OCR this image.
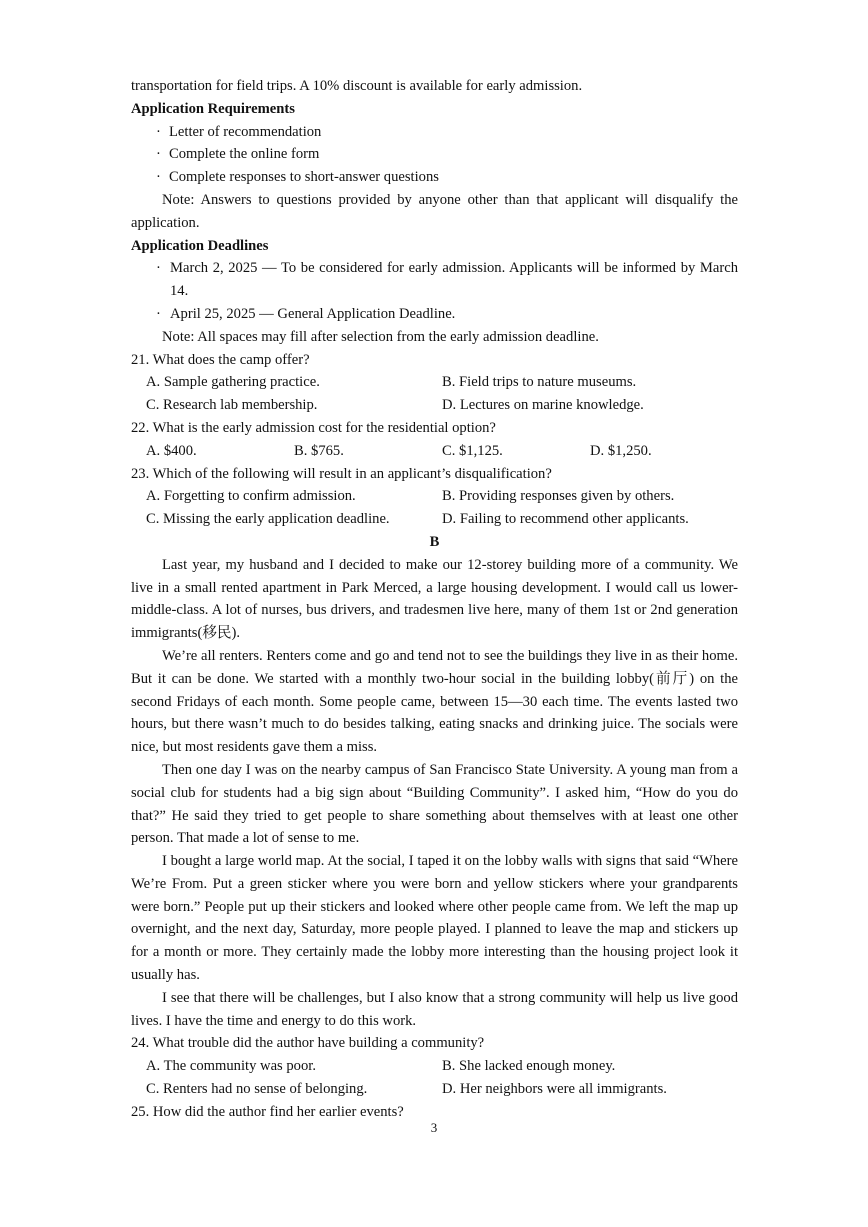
transportation for field trips. A 10% discount is available for early admission.
Application Requirements
· Letter of recommendation
· Complete the online form
· Complete responses to short-answer questions
Note: Answers to questions provided by anyone other than that applicant will disqualify the application.
Application Deadlines
· March 2, 2025 — To be considered for early admission. Applicants will be informed by March 14.
· April 25, 2025 — General Application Deadline.
Note: All spaces may fill after selection from the early admission deadline.
21. What does the camp offer?
A. Sample gathering practice.	B. Field trips to nature museums.
C. Research lab membership.	D. Lectures on marine knowledge.
22. What is the early admission cost for the residential option?
A. $400.	B. $765.	C. $1,125.	D. $1,250.
23. Which of the following will result in an applicant’s disqualification?
A. Forgetting to confirm admission.	B. Providing responses given by others.
C. Missing the early application deadline.	D. Failing to recommend other applicants.
B
Last year, my husband and I decided to make our 12-storey building more of a community. We live in a small rented apartment in Park Merced, a large housing development. I would call us lower-middle-class. A lot of nurses, bus drivers, and tradesmen live here, many of them 1st or 2nd generation immigrants(移民).
We’re all renters. Renters come and go and tend not to see the buildings they live in as their home. But it can be done. We started with a monthly two-hour social in the building lobby(前厅) on the second Fridays of each month. Some people came, between 15—30 each time. The events lasted two hours, but there wasn’t much to do besides talking, eating snacks and drinking juice. The socials were nice, but most residents gave them a miss.
Then one day I was on the nearby campus of San Francisco State University. A young man from a social club for students had a big sign about “Building Community”. I asked him, “How do you do that?” He said they tried to get people to share something about themselves with at least one other person. That made a lot of sense to me.
I bought a large world map. At the social, I taped it on the lobby walls with signs that said “Where We’re From. Put a green sticker where you were born and yellow stickers where your grandparents were born.” People put up their stickers and looked where other people came from. We left the map up overnight, and the next day, Saturday, more people played. I planned to leave the map and stickers up for a month or more. They certainly made the lobby more interesting than the housing project look it usually has.
I see that there will be challenges, but I also know that a strong community will help us live good lives. I have the time and energy to do this work.
24. What trouble did the author have building a community?
A. The community was poor.	B. She lacked enough money.
C. Renters had no sense of belonging.	D. Her neighbors were all immigrants.
25. How did the author find her earlier events?
3
